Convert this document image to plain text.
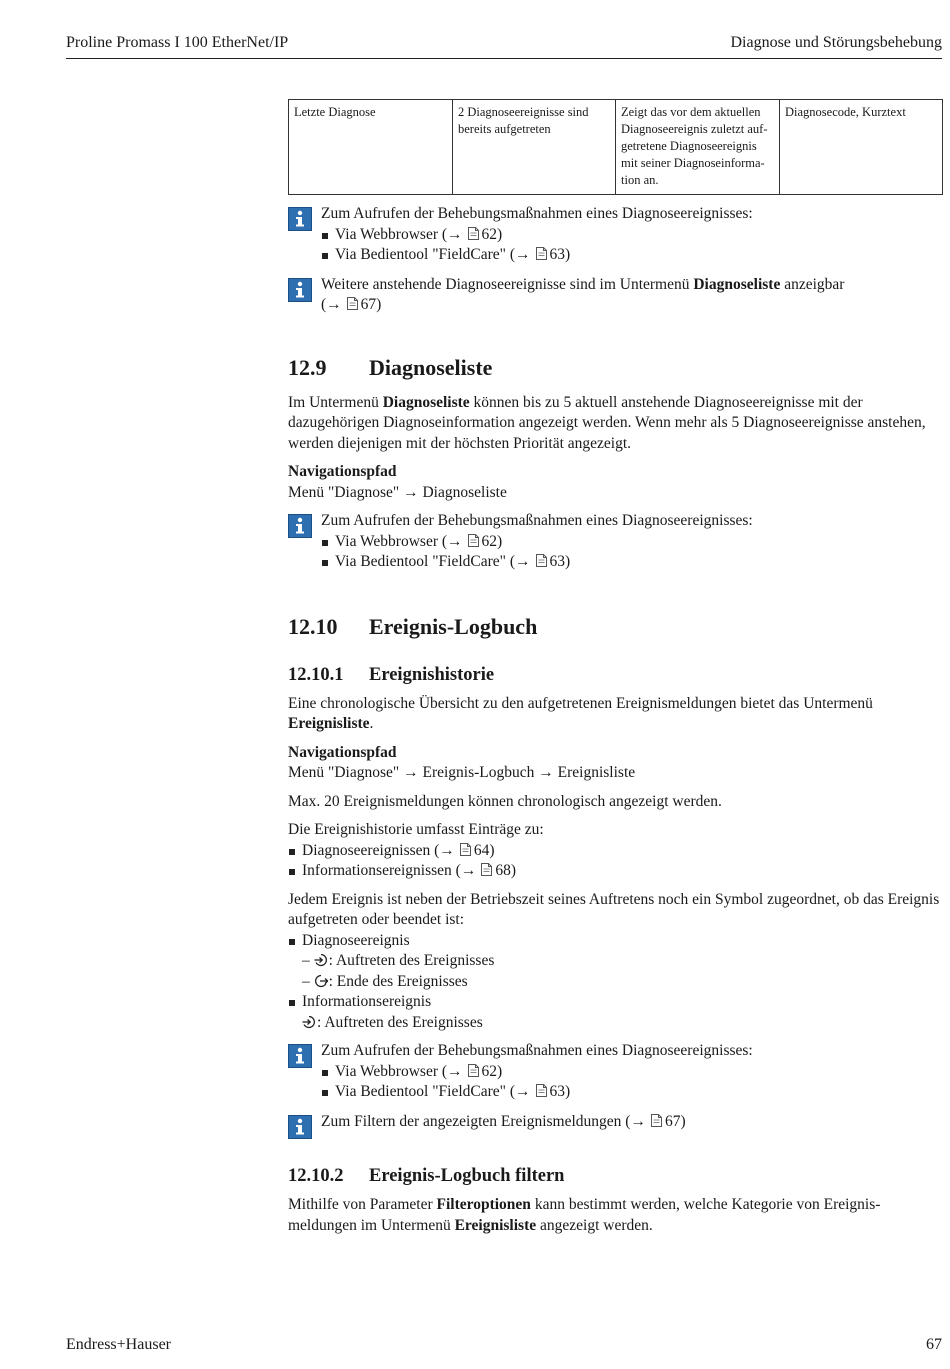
Proline Promass I 100 EtherNet/IP	Diagnose und Störungsbehebung
Letzte Diagnose	2 Diagnoseereignisse sind bereits aufgetreten	Zeigt das vor dem aktuellen Diagnoseereignis zuletzt aufgetretene Diagnoseereignis mit seiner Diagnoseinformation an.	Diagnosecode, Kurztext
Zum Aufrufen der Behebungsmaßnahmen eines Diagnoseereignisses:
Via Webbrowser (→ 62)
Via Bedientool "FieldCare" (→ 63)
Weitere anstehende Diagnoseereignisse sind im Untermenü Diagnoseliste anzeigbar
(→ 67)
12.9 Diagnoseliste

Im Untermenü Diagnoseliste können bis zu 5 aktuell anstehende Diagnoseereignisse mit der dazugehörigen Diagnoseinformation angezeigt werden. Wenn mehr als 5 Diagnoseereignisse anstehen, werden diejenigen mit der höchsten Priorität angezeigt.

Navigationspfad

Menü "Diagnose" → Diagnoseliste

Zum Aufrufen der Behebungsmaßnahmen eines Diagnoseereignisses:
Via Webbrowser (→ 62)
Via Bedientool "FieldCare" (→ 63)
12.10 Ereignis-Logbuch
12.10.1 Ereignishistorie

Eine chronologische Übersicht zu den aufgetretenen Ereignismeldungen bietet das Untermenü Ereignisliste.

Navigationspfad

Menü "Diagnose" → Ereignis-Logbuch → Ereignisliste

Max. 20 Ereignismeldungen können chronologisch angezeigt werden.

Die Ereignishistorie umfasst Einträge zu:

Diagnoseereignissen (→ 64)
Informationsereignissen (→ 68)

Jedem Ereignis ist neben der Betriebszeit seines Auftretens noch ein Symbol zugeordnet, ob das Ereignis aufgetreten oder beendet ist:

Diagnoseereignis
– : Auftreten des Ereignisses
– : Ende des Ereignisses
Informationsereignis
: Auftreten des Ereignisses
Zum Aufrufen der Behebungsmaßnahmen eines Diagnoseereignisses:
Via Webbrowser (→ 62)
Via Bedientool "FieldCare" (→ 63)
Zum Filtern der angezeigten Ereignismeldungen (→ 67)
12.10.2 Ereignis-Logbuch filtern

Mithilfe von Parameter Filteroptionen kann bestimmt werden, welche Kategorie von Ereignismeldungen im Untermenü Ereignisliste angezeigt werden.

Endress+Hauser	67
